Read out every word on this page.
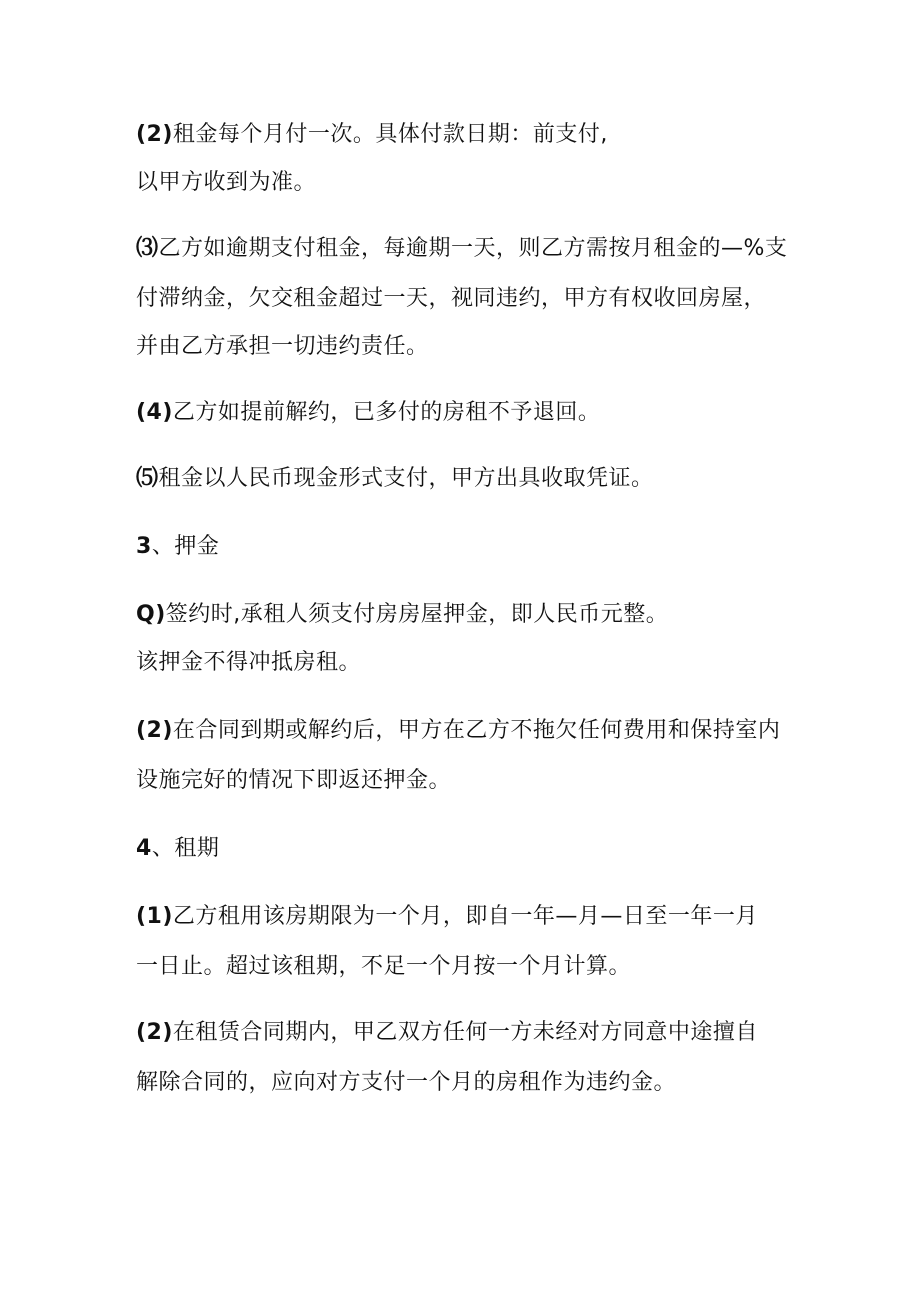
(2)租金每个月付一次。具体付款日期：前支付,
以甲方收到为准。
⑶乙方如逾期支付租金，每逾期一天，则乙方需按月租金的—%支
付滞纳金，欠交租金超过一天，视同违约，甲方有权收回房屋，
并由乙方承担一切违约责任。
(4)乙方如提前解约，已多付的房租不予退回。
⑸租金以人民币现金形式支付，甲方出具收取凭证。
3、押金
Q)签约时,承租人须支付房房屋押金，即人民币元整。
该押金不得冲抵房租。
(2)在合同到期或解约后，甲方在乙方不拖欠任何费用和保持室内
设施完好的情况下即返还押金。
4、租期
(1)乙方租用该房期限为一个月，即自一年—月—日至一年一月
一日止。超过该租期，不足一个月按一个月计算。
(2)在租赁合同期内，甲乙双方任何一方未经对方同意中途擅自
解除合同的，应向对方支付一个月的房租作为违约金。
